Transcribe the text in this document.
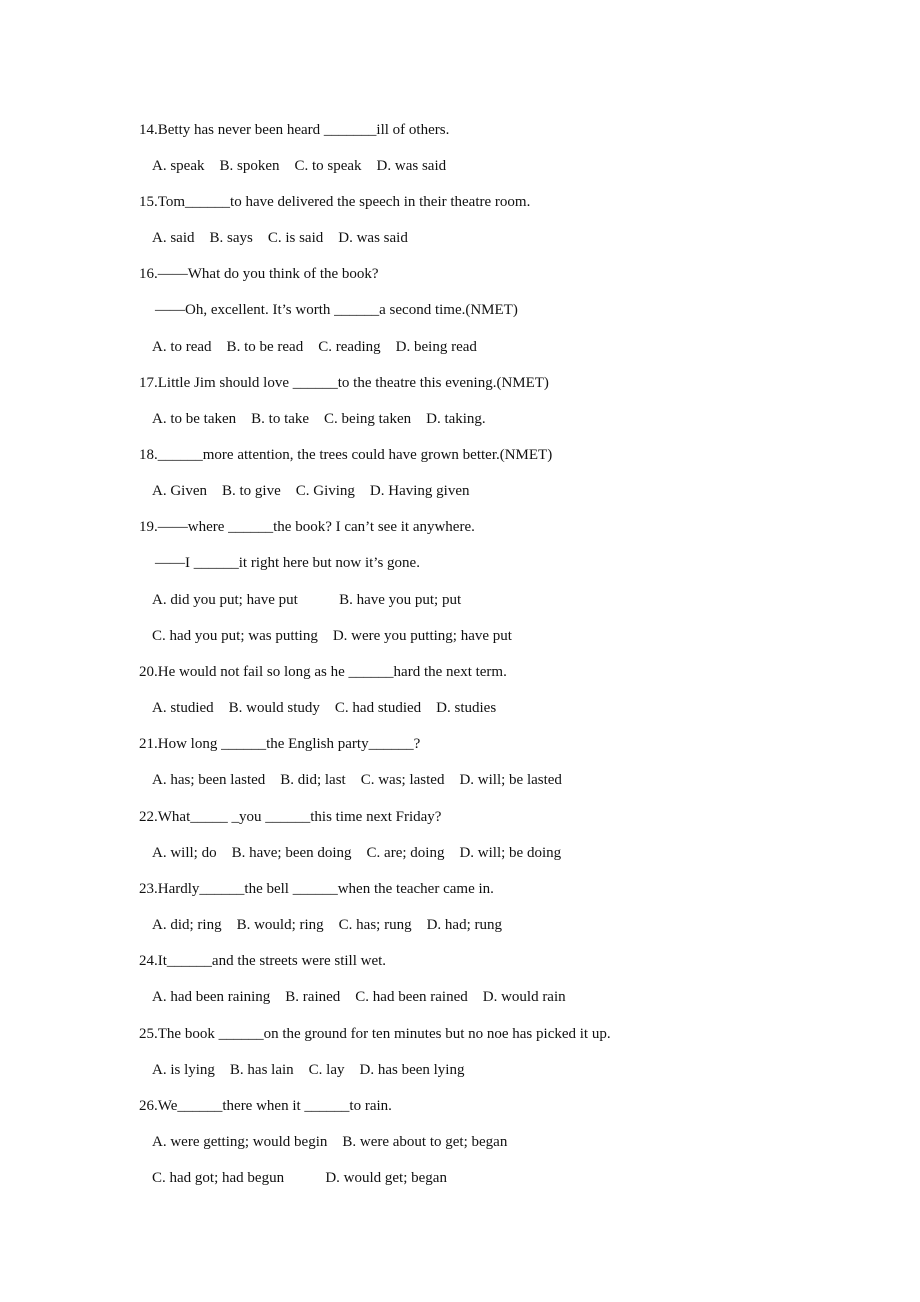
14.Betty has never been heard _______ill of others.
A. speak    B. spoken    C. to speak    D. was said
15.Tom______to have delivered the speech in their theatre room.
A. said    B. says    C. is said    D. was said
16.——What do you think of the book?
——Oh, excellent. It’s worth ______a second time.(NMET)
A. to read    B. to be read    C. reading    D. being read
17.Little Jim should love ______to the theatre this evening.(NMET)
A. to be taken    B. to take    C. being taken    D. taking.
18.______more attention, the trees could have grown better.(NMET)
A. Given    B. to give    C. Giving    D. Having given
19.——where ______the book? I can’t see it anywhere.
——I ______it right here but now it’s gone.
A. did you put; have put           B. have you put; put
C. had you put; was putting    D. were you putting; have put
20.He would not fail so long as he ______hard the next term.
A. studied    B. would study    C. had studied    D. studies
21.How long ______the English party______?
A. has; been lasted    B. did; last    C. was; lasted    D. will; be lasted
22.What_____ _you ______this time next Friday?
A. will; do    B. have; been doing    C. are; doing    D. will; be doing
23.Hardly______the bell ______when the teacher came in.
A. did; ring    B. would; ring    C. has; rung    D. had; rung
24.It______and the streets were still wet.
A. had been raining    B. rained    C. had been rained    D. would rain
25.The book ______on the ground for ten minutes but no noe has picked it up.
A. is lying    B. has lain    C. lay    D. has been lying
26.We______there when it ______to rain.
A. were getting; would begin    B. were about to get; began
C. had got; had begun           D. would get; began
